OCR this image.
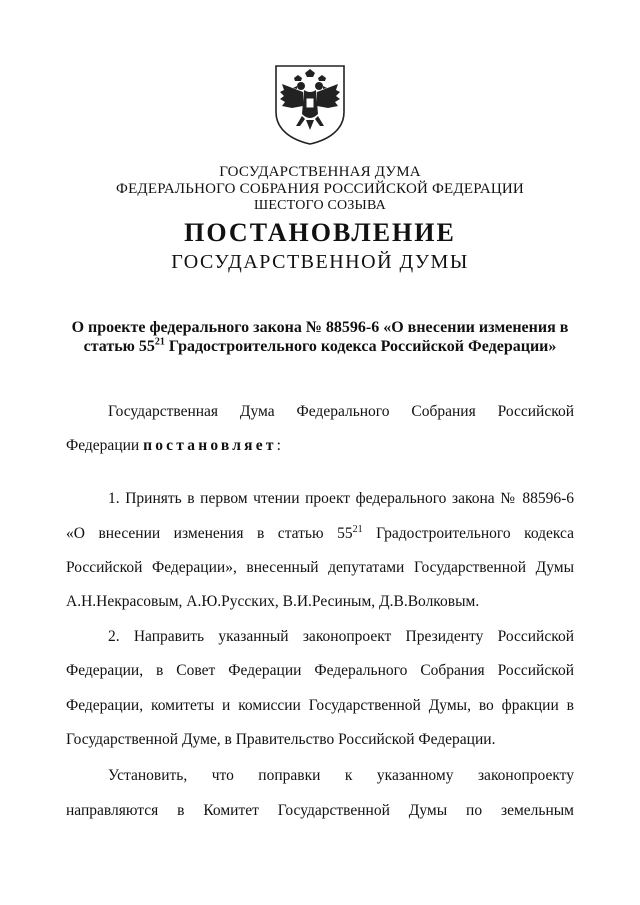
ГОСУДАРСТВЕННАЯ ДУМА
ФЕДЕРАЛЬНОГО СОБРАНИЯ РОССИЙСКОЙ ФЕДЕРАЦИИ
ШЕСТОГО СОЗЫВА
ПОСТАНОВЛЕНИЕ
ГОСУДАРСТВЕННОЙ ДУМЫ
О проекте федерального закона № 88596-6 «О внесении изменения в
статью $55^{21}$ Градостроительного кодекса Российской Федерации»
Государственная Дума Федерального Собрания Российской
Федерации постановляет:
1. Принять в первом чтении проект федерального закона № 88596-6
«О внесении изменения в статью $55^{21}$ Градостроительного кодекса
Российской Федерации», внесенный депутатами Государственной Думы
А.Н.Некрасовым, А.Ю.Русских, В.И.Ресиным, Д.В.Волковым.
2. Направить указанный законопроект Президенту Российской
Федерации, в Совет Федерации Федерального Собрания Российской
Федерации, комитеты и комиссии Государственной Думы, во фракции в
Государственной Думе, в Правительство Российской Федерации.
Установить, что поправки к указанному законопроекту
направляются в Комитет Государственной Думы по земельным
